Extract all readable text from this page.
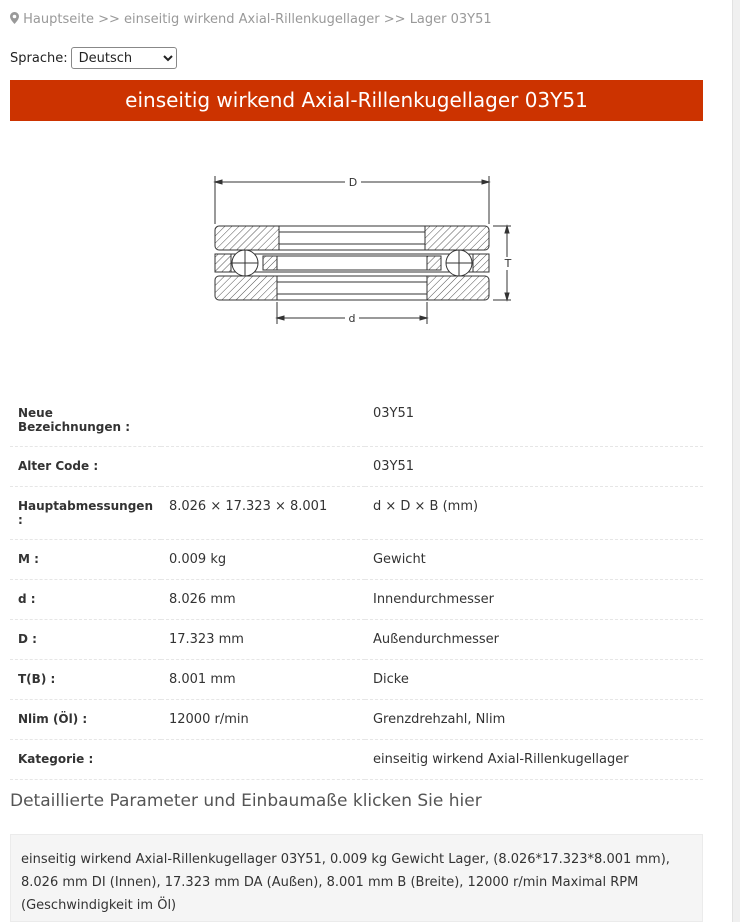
Hauptseite >> einseitig wirkend Axial-Rillenkugellager >> Lager 03Y51
Sprache:
Deutsch
einseitig wirkend Axial-Rillenkugellager 03Y51
D
T
d
Neue Bezeichnungen :		03Y51
Alter Code :		03Y51
Hauptabmessungen :	8.026 × 17.323 × 8.001	d × D × B (mm)
M :	0.009 kg	Gewicht
d :	8.026 mm	Innendurchmesser
D :	17.323 mm	Außendurchmesser
T(B) :	8.001 mm	Dicke
Nlim (Öl) :	12000 r/min	Grenzdrehzahl, Nlim
Kategorie :		einseitig wirkend Axial-Rillenkugellager
Detaillierte Parameter und Einbaumaße klicken Sie hier
einseitig wirkend Axial-Rillenkugellager 03Y51, 0.009 kg Gewicht Lager, (8.026*17.323*8.001 mm), 8.026 mm DI (Innen), 17.323 mm DA (Außen), 8.001 mm B (Breite), 12000 r/min Maximal RPM (Geschwindigkeit im Öl)
